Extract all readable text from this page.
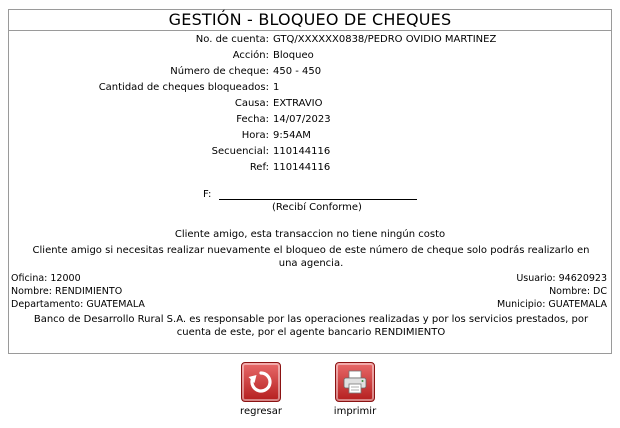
GESTIÓN - BLOQUEO DE CHEQUES
No. de cuenta: GTQ/XXXXXX0838/PEDRO OVIDIO MARTINEZ
Acción: Bloqueo
Número de cheque: 450 - 450
Cantidad de cheques bloqueados: 1
Causa: EXTRAVIO
Fecha: 14/07/2023
Hora: 9:54AM
Secuencial: 110144116
Ref: 110144116
F:
(Recibí Conforme)
Cliente amigo, esta transaccion no tiene ningún costo
Cliente amigo si necesitas realizar nuevamente el bloqueo de este número de cheque solo podrás realizarlo en una agencia.
Oficina: 12000
Nombre: RENDIMIENTO
Departamento: GUATEMALA
Usuario: 94620923
Nombre: DC
Municipio: GUATEMALA
Banco de Desarrollo Rural S.A. es responsable por las operaciones realizadas y por los servicios prestados, por cuenta de este, por el agente bancario RENDIMIENTO
regresar	imprimir
